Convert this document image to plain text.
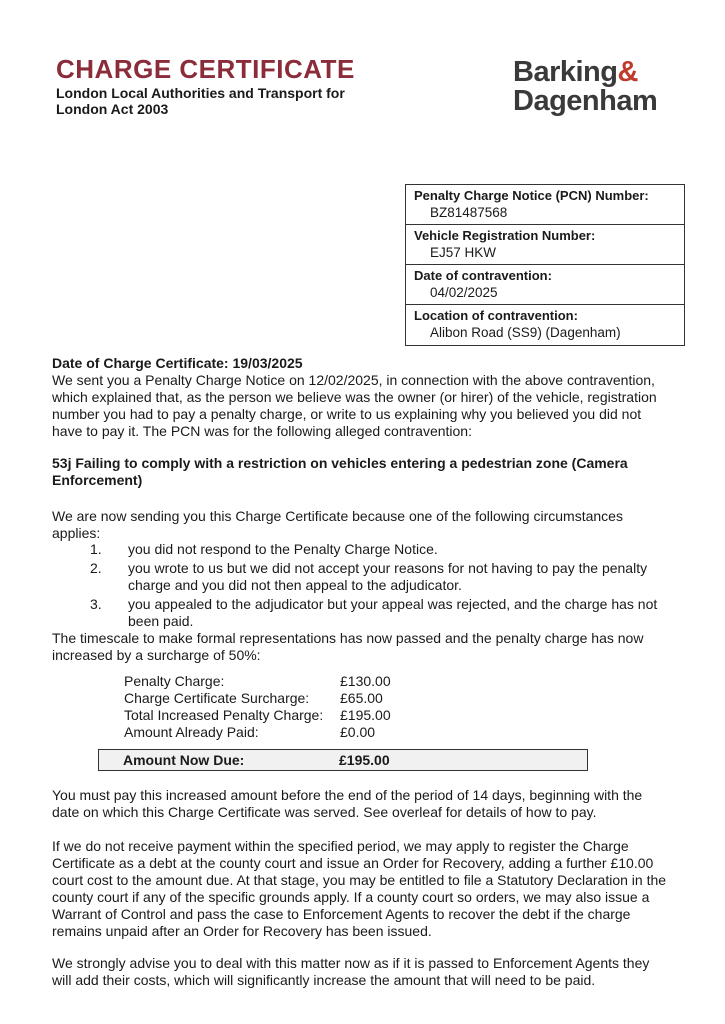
CHARGE CERTIFICATE
London Local Authorities and Transport for London Act 2003
Barking&
Dagenham
Penalty Charge Notice (PCN) Number:
BZ81487568
Vehicle Registration Number:
EJ57 HKW
Date of contravention:
04/02/2025
Location of contravention:
Alibon Road (SS9) (Dagenham)
Date of Charge Certificate: 19/03/2025
We sent you a Penalty Charge Notice on 12/02/2025, in connection with the above contravention, which explained that, as the person we believe was the owner (or hirer) of the vehicle, registration number you had to pay a penalty charge, or write to us explaining why you believed you did not have to pay it. The PCN was for the following alleged contravention:
53j Failing to comply with a restriction on vehicles entering a pedestrian zone (Camera Enforcement)
We are now sending you this Charge Certificate because one of the following circumstances applies:
1.	you did not respond to the Penalty Charge Notice.
2.	you wrote to us but we did not accept your reasons for not having to pay the penalty charge and you did not then appeal to the adjudicator.
3.	you appealed to the adjudicator but your appeal was rejected, and the charge has not been paid.
The timescale to make formal representations has now passed and the penalty charge has now increased by a surcharge of 50%:
Penalty Charge:	£130.00
Charge Certificate Surcharge:	£65.00
Total Increased Penalty Charge:	£195.00
Amount Already Paid:	£0.00
Amount Now Due:	£195.00
You must pay this increased amount before the end of the period of 14 days, beginning with the date on which this Charge Certificate was served. See overleaf for details of how to pay.
If we do not receive payment within the specified period, we may apply to register the Charge Certificate as a debt at the county court and issue an Order for Recovery, adding a further £10.00 court cost to the amount due. At that stage, you may be entitled to file a Statutory Declaration in the county court if any of the specific grounds apply. If a county court so orders, we may also issue a Warrant of Control and pass the case to Enforcement Agents to recover the debt if the charge remains unpaid after an Order for Recovery has been issued.
We strongly advise you to deal with this matter now as if it is passed to Enforcement Agents they will add their costs, which will significantly increase the amount that will need to be paid.
